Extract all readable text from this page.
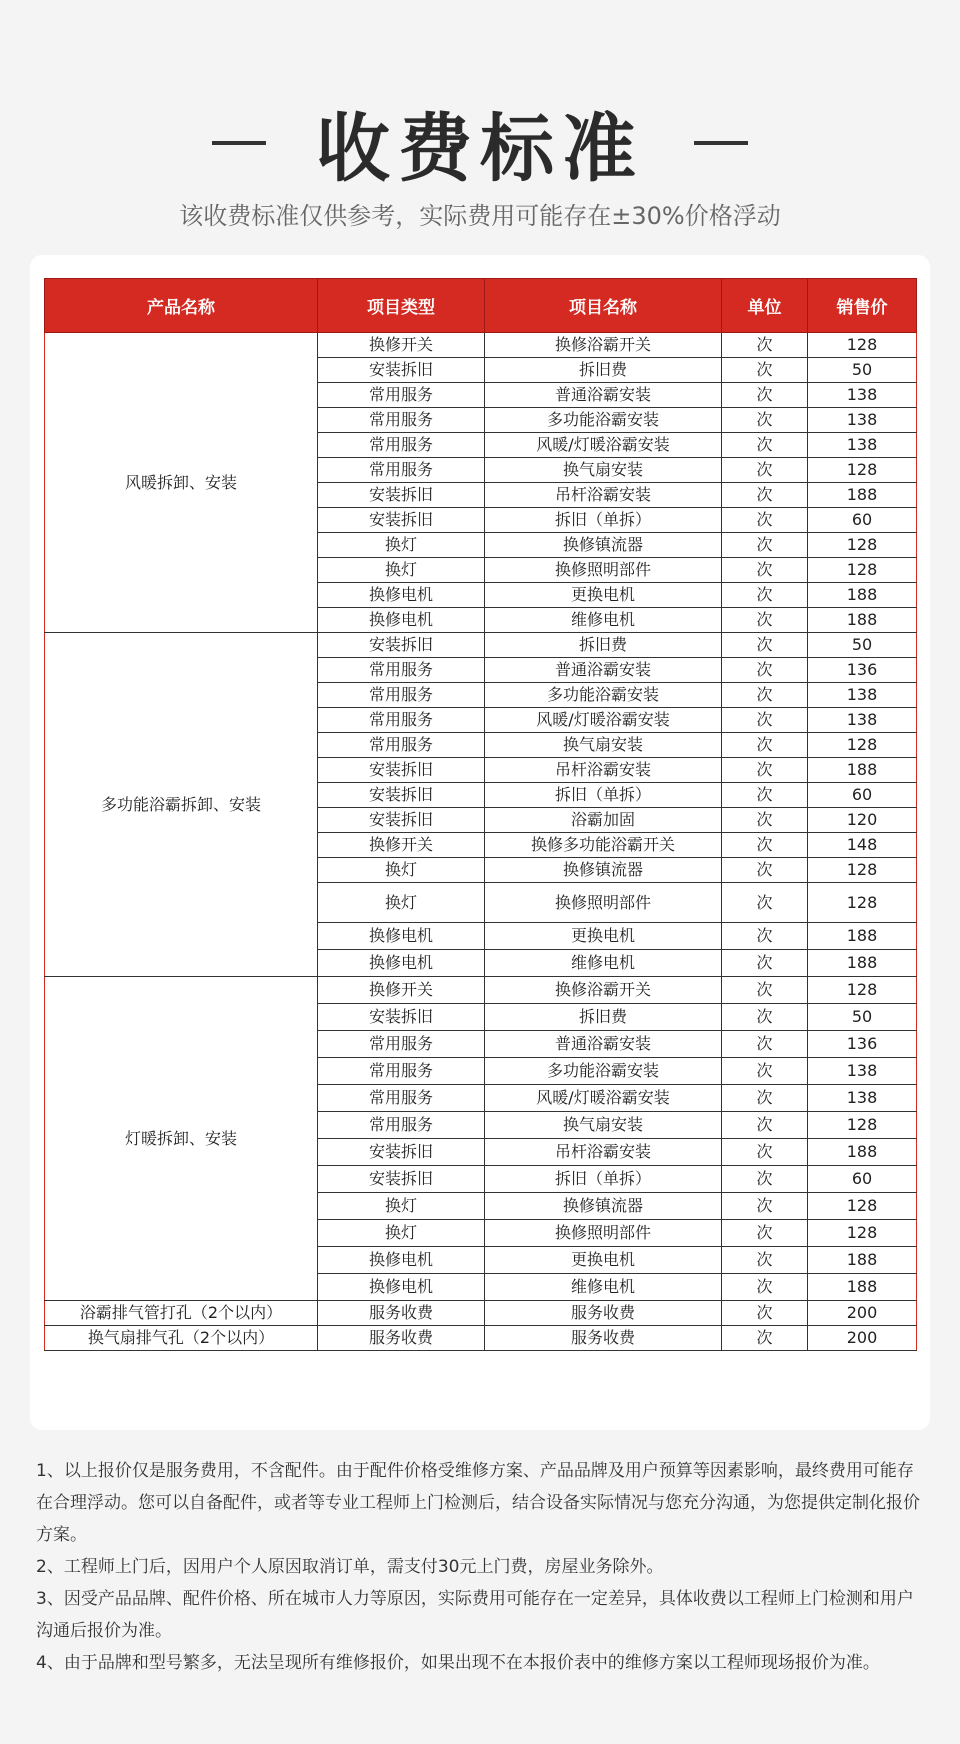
收费标准
该收费标准仅供参考，实际费用可能存在±30%价格浮动
产品名称	项目类型	项目名称	单位	销售价
风暖拆卸、安装	换修开关	换修浴霸开关	次	128
	安装拆旧	拆旧费	次	50
	常用服务	普通浴霸安装	次	138
	常用服务	多功能浴霸安装	次	138
	常用服务	风暖/灯暖浴霸安装	次	138
	常用服务	换气扇安装	次	128
	安装拆旧	吊杆浴霸安装	次	188
	安装拆旧	拆旧（单拆）	次	60
	换灯	换修镇流器	次	128
	换灯	换修照明部件	次	128
	换修电机	更换电机	次	188
	换修电机	维修电机	次	188
多功能浴霸拆卸、安装	安装拆旧	拆旧费	次	50
	常用服务	普通浴霸安装	次	136
	常用服务	多功能浴霸安装	次	138
	常用服务	风暖/灯暖浴霸安装	次	138
	常用服务	换气扇安装	次	128
	安装拆旧	吊杆浴霸安装	次	188
	安装拆旧	拆旧（单拆）	次	60
	安装拆旧	浴霸加固	次	120
	换修开关	换修多功能浴霸开关	次	148
	换灯	换修镇流器	次	128
	换灯	换修照明部件	次	128
	换修电机	更换电机	次	188
	换修电机	维修电机	次	188
灯暖拆卸、安装	换修开关	换修浴霸开关	次	128
	安装拆旧	拆旧费	次	50
	常用服务	普通浴霸安装	次	136
	常用服务	多功能浴霸安装	次	138
	常用服务	风暖/灯暖浴霸安装	次	138
	常用服务	换气扇安装	次	128
	安装拆旧	吊杆浴霸安装	次	188
	安装拆旧	拆旧（单拆）	次	60
	换灯	换修镇流器	次	128
	换灯	换修照明部件	次	128
	换修电机	更换电机	次	188
	换修电机	维修电机	次	188
浴霸排气管打孔（2个以内）	服务收费	服务收费	次	200
换气扇排气孔（2个以内）	服务收费	服务收费	次	200

1、以上报价仅是服务费用，不含配件。由于配件价格受维修方案、产品品牌及用户预算等因素影响，最终费用可能存在合理浮动。您可以自备配件，或者等专业工程师上门检测后，结合设备实际情况与您充分沟通，为您提供定制化报价方案。

2、工程师上门后，因用户个人原因取消订单，需支付30元上门费，房屋业务除外。

3、因受产品品牌、配件价格、所在城市人力等原因，实际费用可能存在一定差异，具体收费以工程师上门检测和用户沟通后报价为准。

4、由于品牌和型号繁多，无法呈现所有维修报价，如果出现不在本报价表中的维修方案以工程师现场报价为准。
